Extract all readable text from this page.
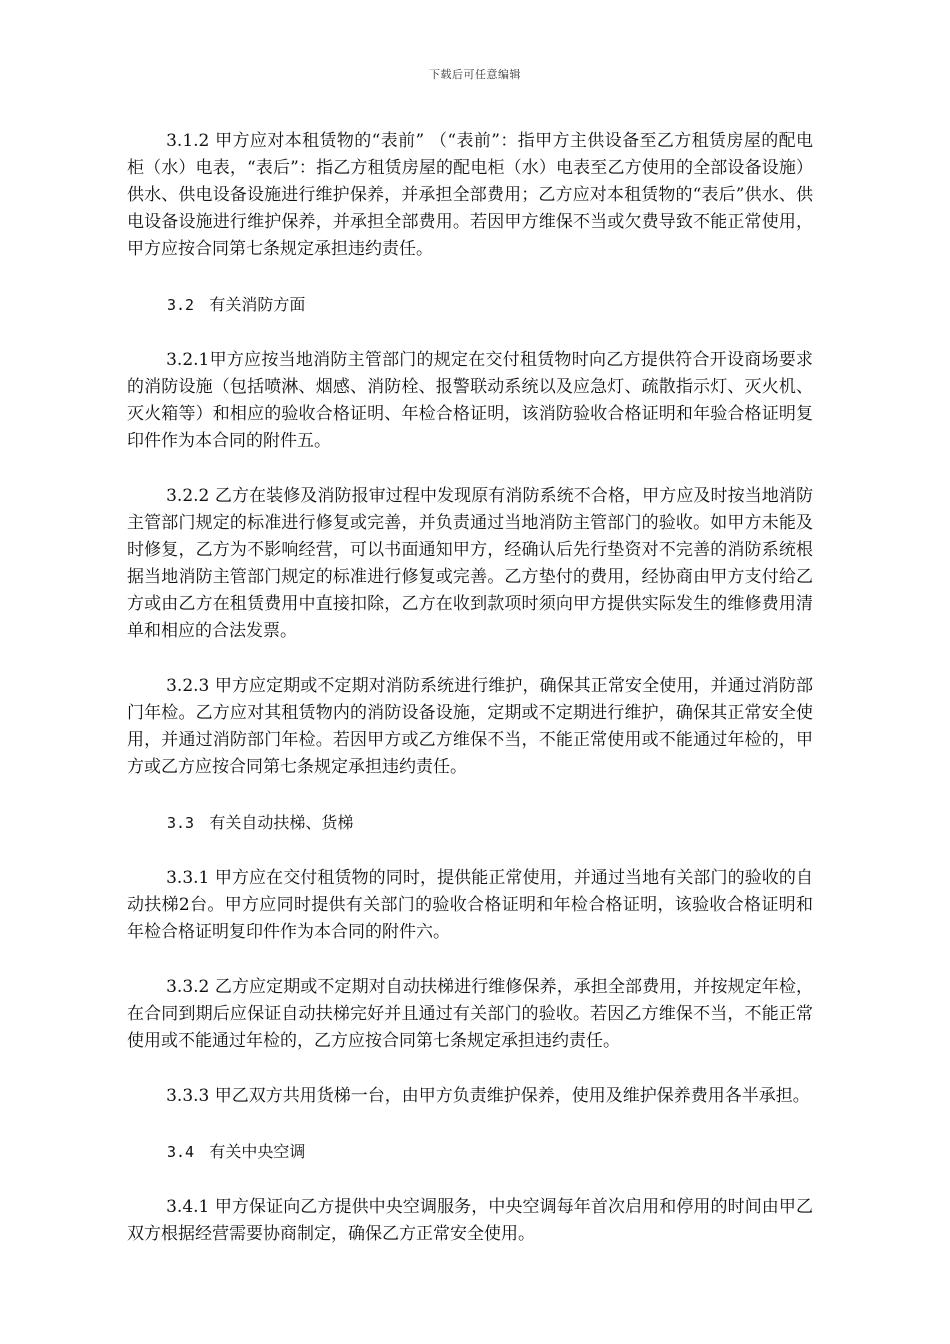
下载后可任意编辑

3.1.2 甲方应对本租赁物的“表前” （“表前”：指甲方主供设备至乙方租赁房屋的配电柜（水）电表，“表后”：指乙方租赁房屋的配电柜（水）电表至乙方使用的全部设备设施）供水、供电设备设施进行维护保养，并承担全部费用；乙方应对本租赁物的“表后”供水、供电设备设施进行维护保养，并承担全部费用。若因甲方维保不当或欠费导致不能正常使用，甲方应按合同第七条规定承担违约责任。

3.2 有关消防方面

3.2.1甲方应按当地消防主管部门的规定在交付租赁物时向乙方提供符合开设商场要求的消防设施（包括喷淋、烟感、消防栓、报警联动系统以及应急灯、疏散指示灯、灭火机、灭火箱等）和相应的验收合格证明、年检合格证明，该消防验收合格证明和年验合格证明复印件作为本合同的附件五。

3.2.2 乙方在装修及消防报审过程中发现原有消防系统不合格，甲方应及时按当地消防主管部门规定的标准进行修复或完善，并负责通过当地消防主管部门的验收。如甲方未能及时修复，乙方为不影响经营，可以书面通知甲方，经确认后先行垫资对不完善的消防系统根据当地消防主管部门规定的标准进行修复或完善。乙方垫付的费用，经协商由甲方支付给乙方或由乙方在租赁费用中直接扣除，乙方在收到款项时须向甲方提供实际发生的维修费用清单和相应的合法发票。

3.2.3 甲方应定期或不定期对消防系统进行维护，确保其正常安全使用，并通过消防部门年检。乙方应对其租赁物内的消防设备设施，定期或不定期进行维护，确保其正常安全使用，并通过消防部门年检。若因甲方或乙方维保不当，不能正常使用或不能通过年检的，甲方或乙方应按合同第七条规定承担违约责任。

3.3 有关自动扶梯、货梯

3.3.1 甲方应在交付租赁物的同时，提供能正常使用，并通过当地有关部门的验收的自动扶梯2台。甲方应同时提供有关部门的验收合格证明和年检合格证明，该验收合格证明和年检合格证明复印件作为本合同的附件六。

3.3.2 乙方应定期或不定期对自动扶梯进行维修保养，承担全部费用，并按规定年检，在合同到期后应保证自动扶梯完好并且通过有关部门的验收。若因乙方维保不当，不能正常使用或不能通过年检的，乙方应按合同第七条规定承担违约责任。

3.3.3 甲乙双方共用货梯一台，由甲方负责维护保养，使用及维护保养费用各半承担。

3.4 有关中央空调

3.4.1 甲方保证向乙方提供中央空调服务，中央空调每年首次启用和停用的时间由甲乙双方根据经营需要协商制定，确保乙方正常安全使用。
